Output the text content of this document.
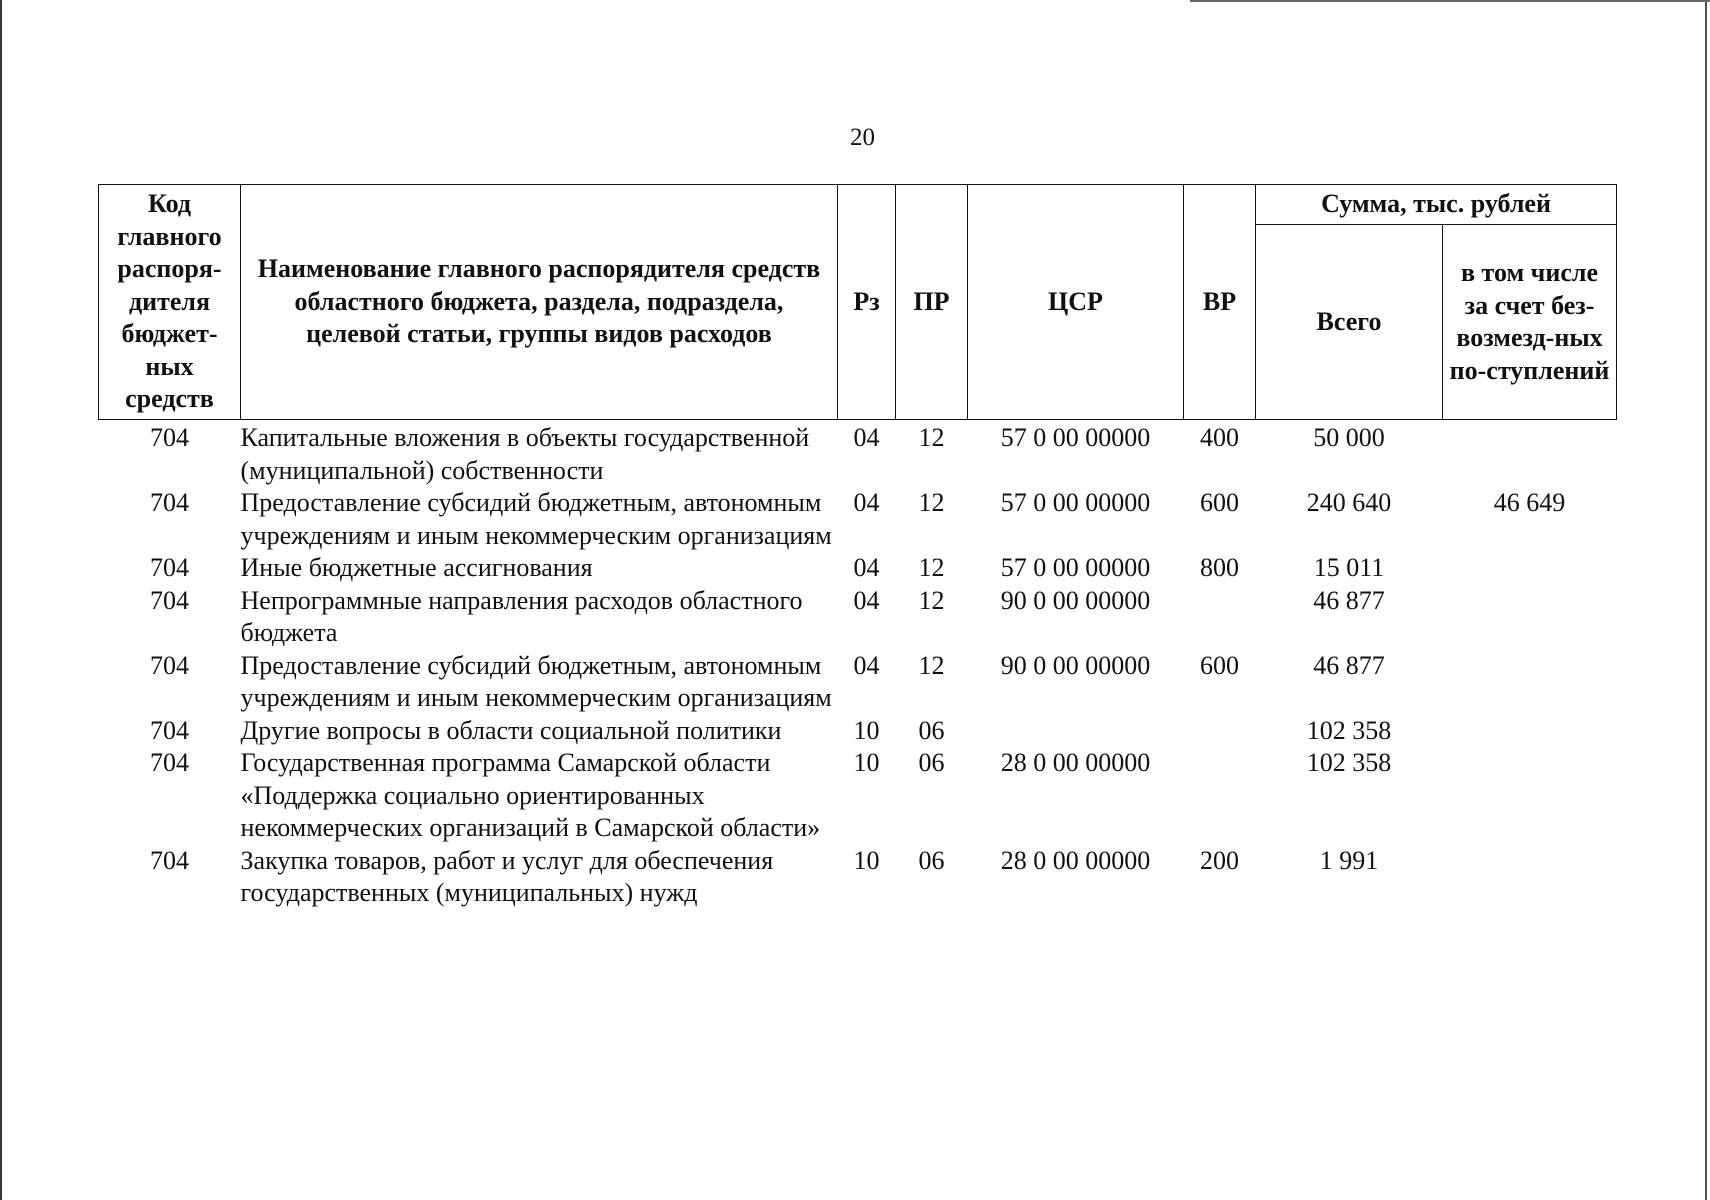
20
Код главного распоря-дителя бюджет-ных средств	Наименование главного распорядителя средств областного бюджета, раздела, подраздела, целевой статьи, группы видов расходов	Рз	ПР	ЦСР	ВР	Сумма, тыс. рублей	
						Всего	в том числе за счет без-возмезд-ных по-ступлений
704	Капитальные вложения в объекты государственной (муниципальной) собственности	04	12	57 0 00 00000	400	50 000	
704	Предоставление субсидий бюджетным, автономным учреждениям и иным некоммерческим организациям	04	12	57 0 00 00000	600	240 640	46 649
704	Иные бюджетные ассигнования	04	12	57 0 00 00000	800	15 011	
704	Непрограммные направления расходов областного бюджета	04	12	90 0 00 00000		46 877	
704	Предоставление субсидий бюджетным, автономным учреждениям и иным некоммерческим организациям	04	12	90 0 00 00000	600	46 877	
704	Другие вопросы в области социальной политики	10	06			102 358	
704	Государственная программа Самарской области «Поддержка социально ориентированных некоммерческих организаций в Самарской области»	10	06	28 0 00 00000		102 358	
704	Закупка товаров, работ и услуг для обеспечения государственных (муниципальных) нужд	10	06	28 0 00 00000	200	1 991	
